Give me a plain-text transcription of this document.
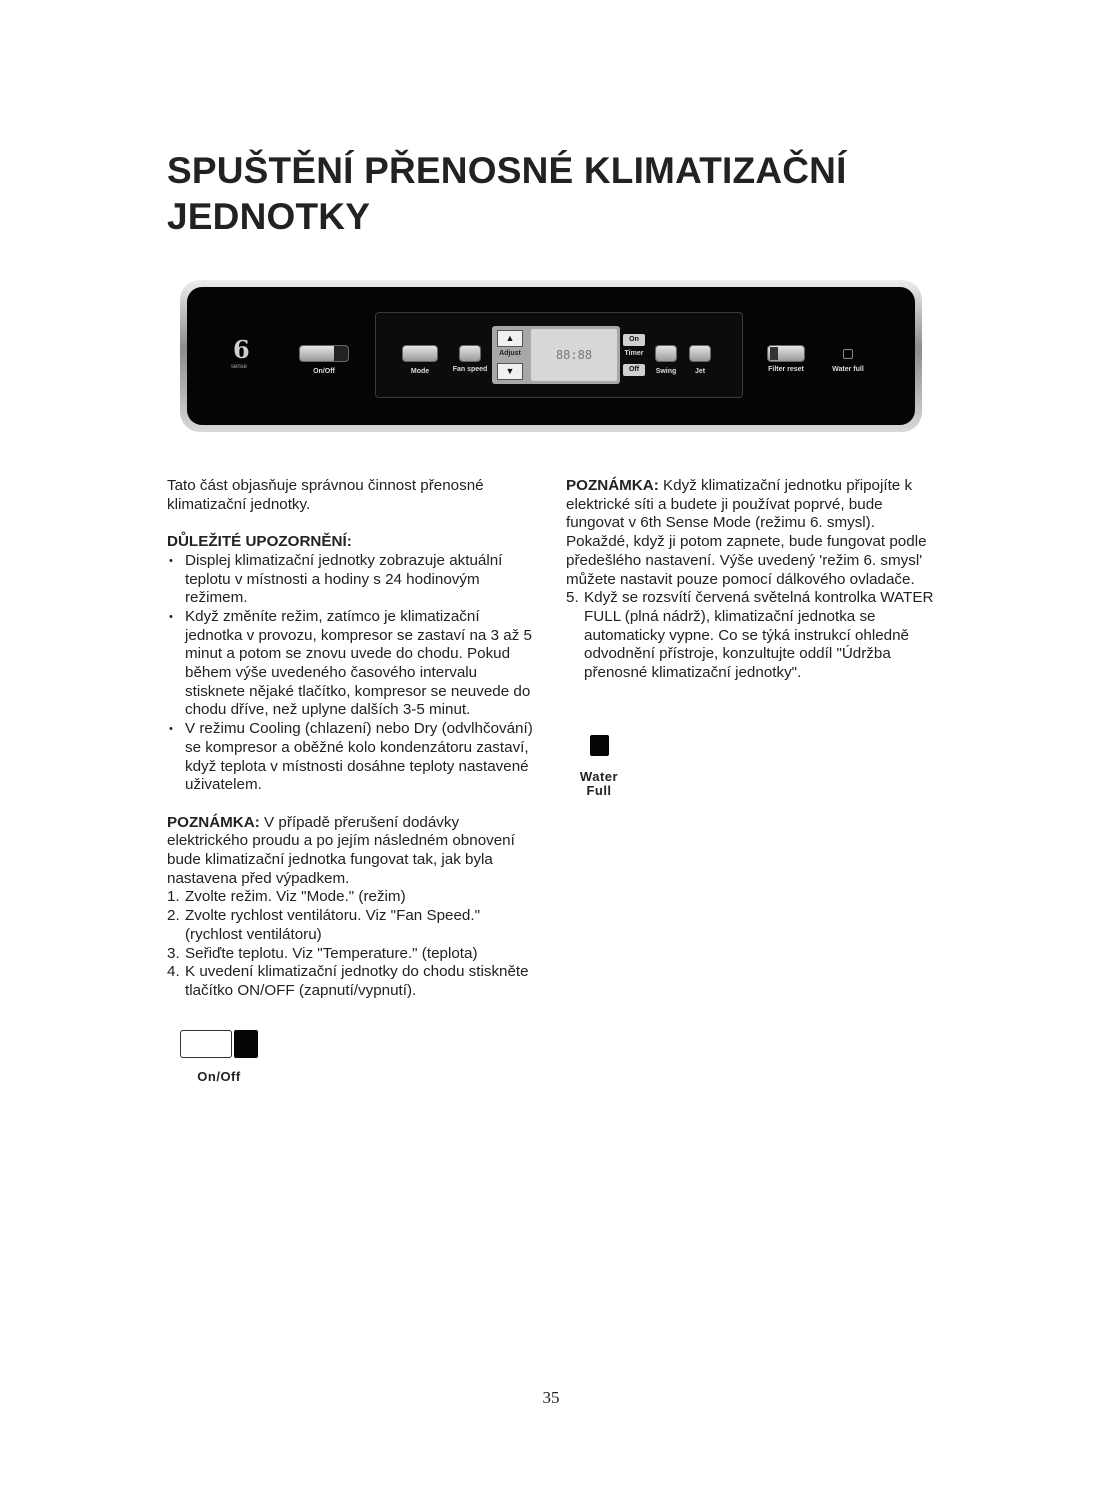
SPUŠTĚNÍ PŘENOSNÉ KLIMATIZAČNÍ JEDNOTKY
6
sense
On/Off	Mode	Fan speed
▲
Adjust
▼
88:88
On
Timer
Off	Swing	Jet	Filter reset	Water full

Tato část objasňuje správnou činnost přenosné klimatizační jednotky.

DŮLEŽITÉ UPOZORNĚNÍ:

• Displej klimatizační jednotky zobrazuje aktuální teplotu v místnosti a hodiny s 24 hodinovým režimem.
• Když změníte režim, zatímco je klimatizační jednotka v provozu, kompresor se zastaví na 3 až 5 minut a potom se znovu uvede do chodu. Pokud během výše uvedeného časového intervalu stisknete nějaké tlačítko, kompresor se neuvede do chodu dříve, než uplyne dalších 3-5 minut.
• V režimu Cooling (chlazení) nebo Dry (odvlhčování) se kompresor a oběžné kolo kondenzátoru zastaví, když teplota v místnosti dosáhne teploty nastavené uživatelem.

POZNÁMKA: V případě přerušení dodávky elektrického proudu a po jejím následném obnovení bude klimatizační jednotka fungovat tak, jak byla nastavena před výpadkem.

1. Zvolte režim. Viz "Mode." (režim)
2. Zvolte rychlost ventilátoru. Viz "Fan Speed." (rychlost ventilátoru)
3. Seřiďte teplotu. Viz "Temperature." (teplota)
4. K uvedení klimatizační jednotky do chodu stiskněte tlačítko ON/OFF (zapnutí/vypnutí).
On/Off

POZNÁMKA: Když klimatizační jednotku připojíte k elektrické síti a budete ji používat poprvé, bude fungovat v 6th Sense Mode (režimu 6. smysl). Pokaždé, když ji potom zapnete, bude fungovat podle předešlého nastavení. Výše uvedený 'režim 6. smysl' můžete nastavit pouze pomocí dálkového ovladače.

5. Když se rozsvítí červená světelná kontrolka WATER FULL (plná nádrž), klimatizační jednotka se automaticky vypne. Co se týká instrukcí ohledně odvodnění přístroje, konzultujte oddíl "Údržba přenosné klimatizační jednotky".
Water
Full
35
